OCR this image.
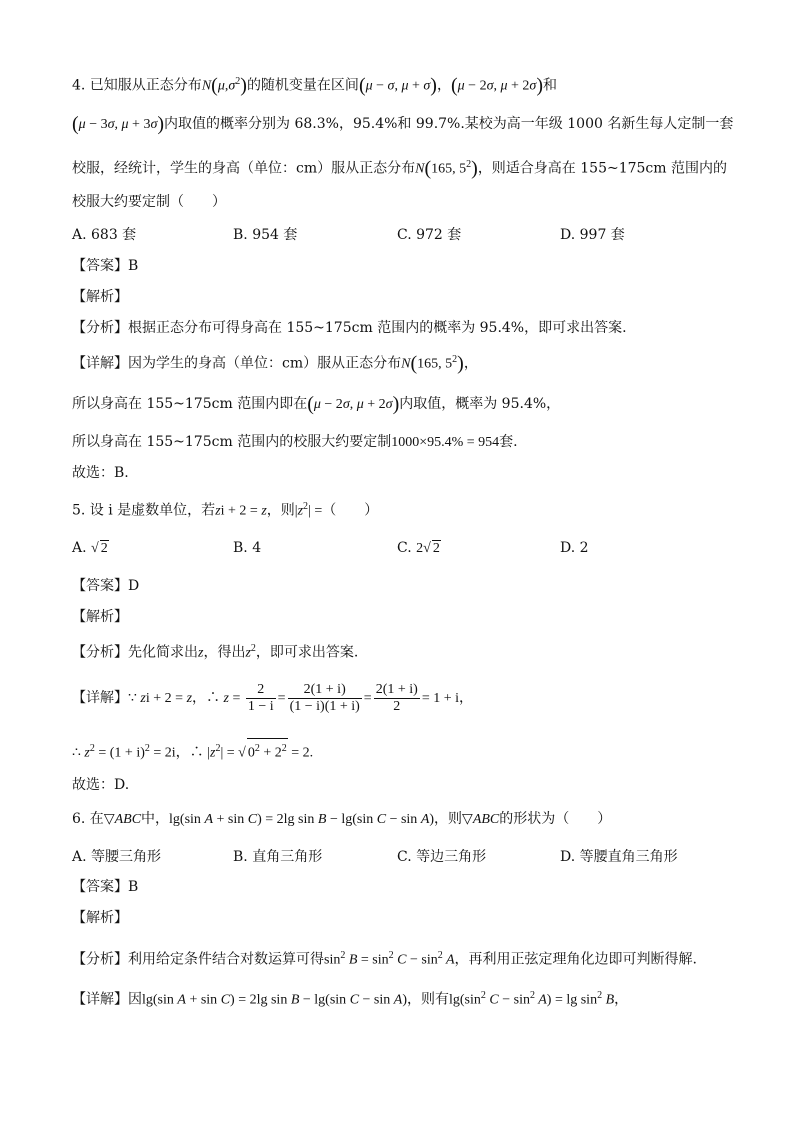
4. 已知服从正态分布$N(\mu,\sigma^2)$的随机变量在区间(μ − σ, μ + σ)，(μ − 2σ, μ + 2σ)和
(μ − 3σ, μ + 3σ)内取值的概率分别为 68.3%，95.4%和 99.7%.某校为高一年级 1000 名新生每人定制一套
校服，经统计，学生的身高（单位：cm）服从正态分布N(165, $5^2$)，则适合身高在 155~175cm 范围内的
校服大约要定制（　　）
A. 683 套	B. 954 套	C. 972 套	D. 997 套
【答案】B
【解析】
【分析】根据正态分布可得身高在 155~175cm 范围内的概率为 95.4%，即可求出答案.
【详解】因为学生的身高（单位：cm）服从正态分布N(165, $5^2$)，
所以身高在 155~175cm 范围内即在(μ − 2σ, μ + 2σ)内取值，概率为 95.4%，
所以身高在 155~175cm 范围内的校服大约要定制1000×95.4% = 954套.
故选：B.
5. 设 i 是虚数单位，若zi + 2 = z，则$|z^2|$ =（　　）
A. √ 2	B. 4	C. 2√ 2	D. 2
【答案】D
【解析】
【分析】先化简求出z，得出$z^2$，即可求出答案.
【详解】∵ zi + 2 = z，∴ $z = \frac{2}{1 - i} = \frac{2(1 + i)}{(1 - i)(1 + i)} = \frac{2(1 + i)}{2} = 1 + i$，
∴ $z^2 = (1 + i)^2 = 2i$，∴ $|z^2|$ = √ $0^2 + 2^2 = 2$.
故选：D.
6. 在▽ABC中，lg(sin A + sin C) = 2lg sin B − lg(sin C − sin A)，则▽ABC的形状为（　　）
A. 等腰三角形	B. 直角三角形	C. 等边三角形	D. 等腰直角三角形
【答案】B
【解析】
【分析】利用给定条件结合对数运算可得$\sin^2 B = \sin^2 C - \sin^2 A$，再利用正弦定理角化边即可判断得解.
【详解】因lg(sin A + sin C) = 2lg sin B − lg(sin C − sin A)，则有$\lg(\sin^2$ $C - \sin^2 A) = \lg \sin^2 B$，
